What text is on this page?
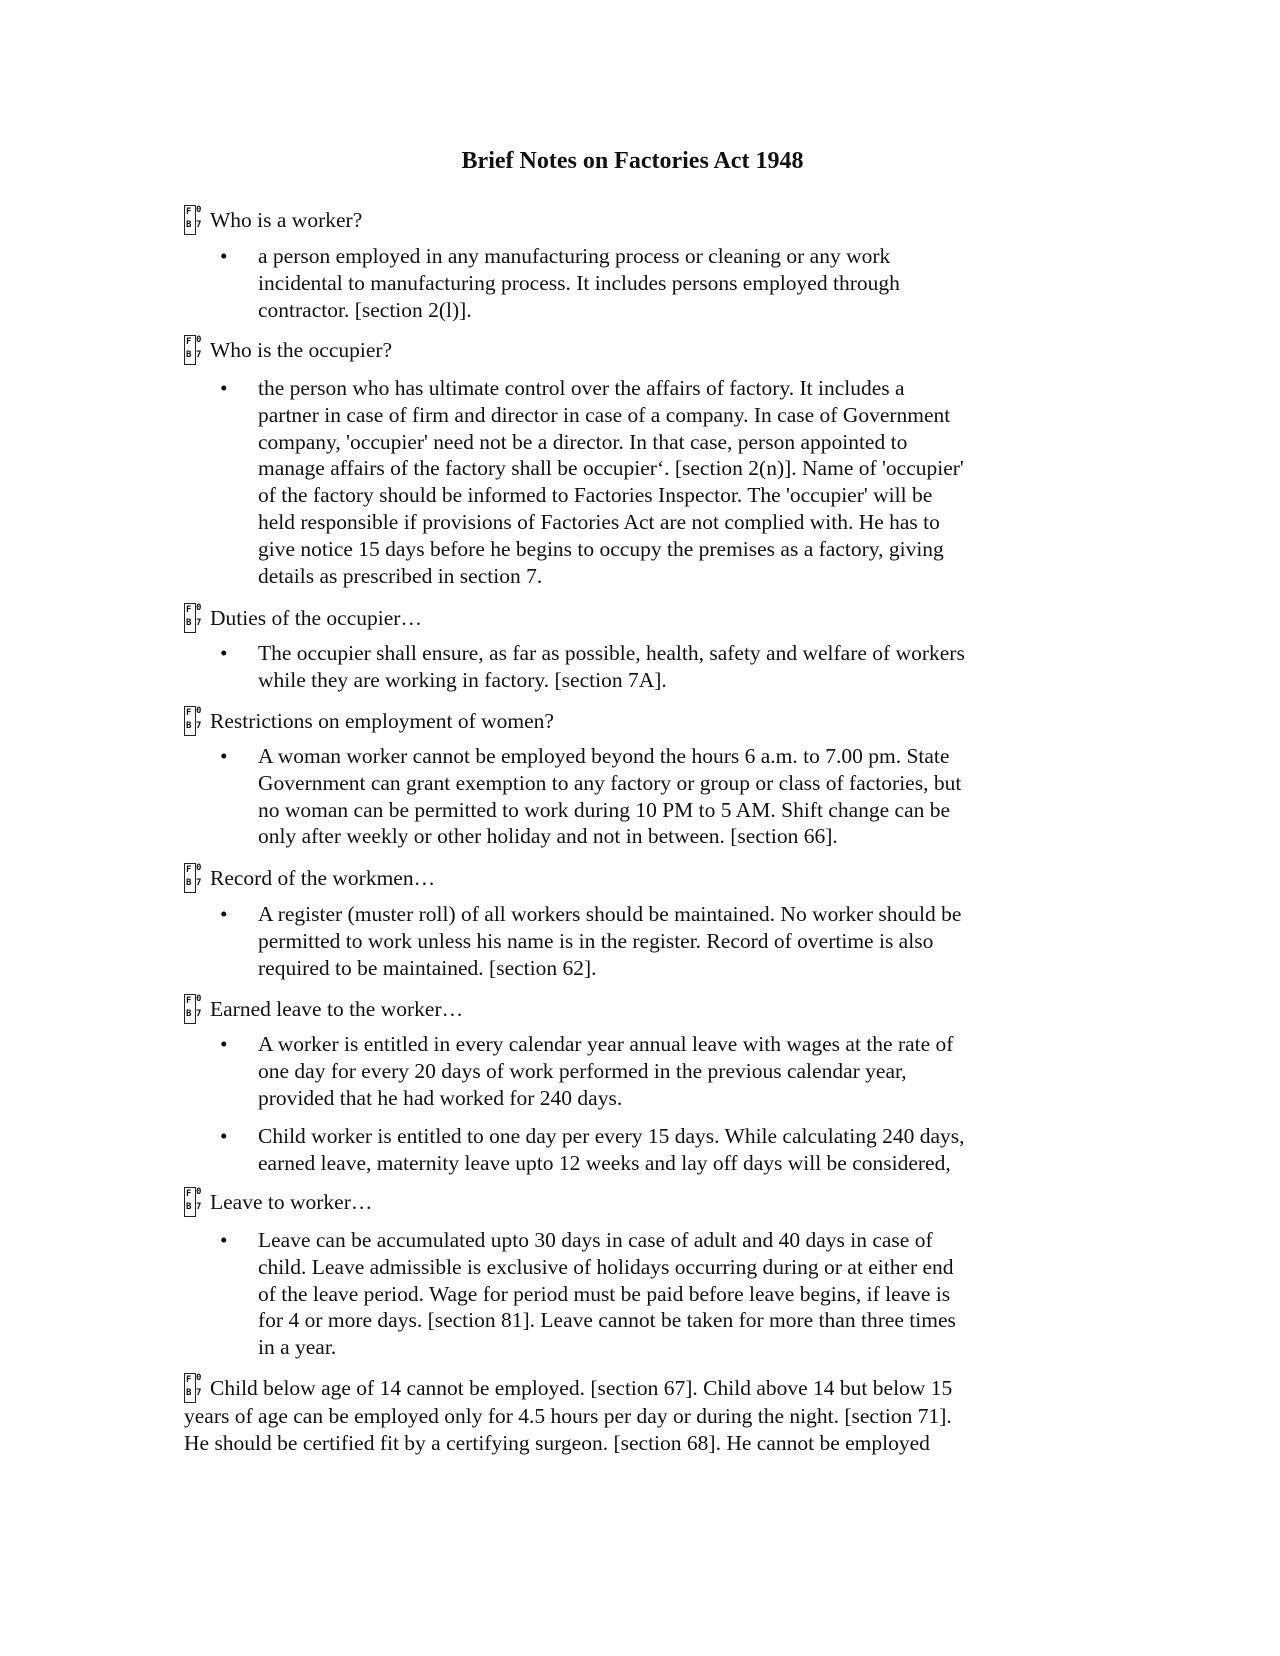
Brief Notes on Factories Act 1948
F 0
B 7 Who is a worker?
• a person employed in any manufacturing process or cleaning or any work
incidental to manufacturing process. It includes persons employed through
contractor. [section 2(l)].
F 0
B 7 Who is the occupier?
• the person who has ultimate control over the affairs of factory. It includes a
partner in case of firm and director in case of a company. In case of Government
company, 'occupier' need not be a director. In that case, person appointed to
manage affairs of the factory shall be occupier‘. [section 2(n)]. Name of 'occupier'
of the factory should be informed to Factories Inspector. The 'occupier' will be
held responsible if provisions of Factories Act are not complied with. He has to
give notice 15 days before he begins to occupy the premises as a factory, giving
details as prescribed in section 7.
F 0
B 7 Duties of the occupier…
• The occupier shall ensure, as far as possible, health, safety and welfare of workers
while they are working in factory. [section 7A].
F 0
B 7 Restrictions on employment of women?
• A woman worker cannot be employed beyond the hours 6 a.m. to 7.00 pm. State
Government can grant exemption to any factory or group or class of factories, but
no woman can be permitted to work during 10 PM to 5 AM. Shift change can be
only after weekly or other holiday and not in between. [section 66].
F 0
B 7 Record of the workmen…
• A register (muster roll) of all workers should be maintained. No worker should be
permitted to work unless his name is in the register. Record of overtime is also
required to be maintained. [section 62].
F 0
B 7 Earned leave to the worker…
• A worker is entitled in every calendar year annual leave with wages at the rate of
one day for every 20 days of work performed in the previous calendar year,
provided that he had worked for 240 days.
• Child worker is entitled to one day per every 15 days. While calculating 240 days,
earned leave, maternity leave upto 12 weeks and lay off days will be considered,
F 0
B 7 Leave to worker…
• Leave can be accumulated upto 30 days in case of adult and 40 days in case of
child. Leave admissible is exclusive of holidays occurring during or at either end
of the leave period. Wage for period must be paid before leave begins, if leave is
for 4 or more days. [section 81]. Leave cannot be taken for more than three times
in a year.
F 0
B 7 Child below age of 14 cannot be employed. [section 67]. Child above 14 but below 15
years of age can be employed only for 4.5 hours per day or during the night. [section 71].
He should be certified fit by a certifying surgeon. [section 68]. He cannot be employed
